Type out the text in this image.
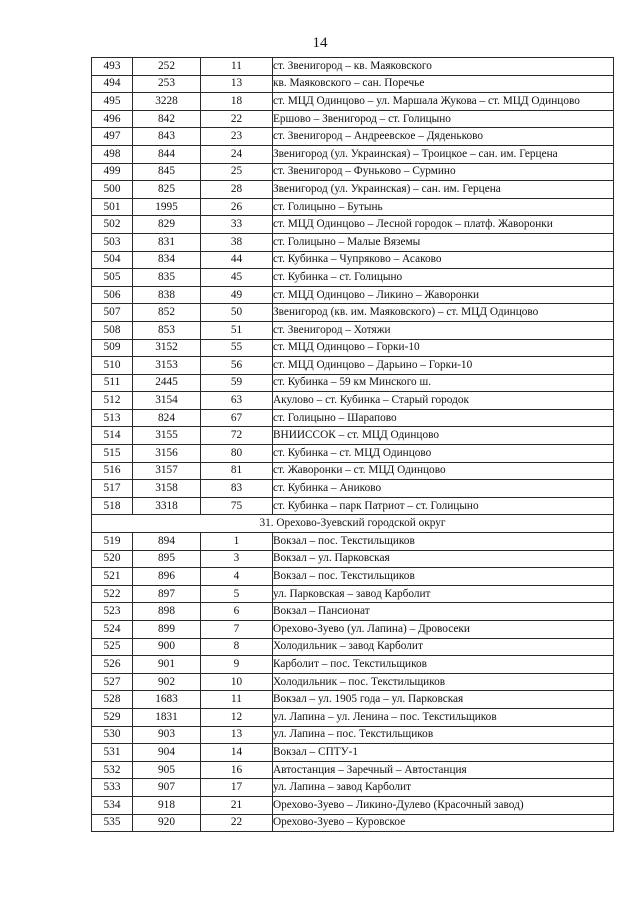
14
493	252	11	ст. Звенигород – кв. Маяковского
494	253	13	кв. Маяковского – сан. Поречье
495	3228	18	ст. МЦД Одинцово – ул. Маршала Жукова – ст. МЦД Одинцово
496	842	22	Ершово – Звенигород – ст. Голицыно
497	843	23	ст. Звенигород – Андреевское – Дяденьково
498	844	24	Звенигород (ул. Украинская) – Троицкое – сан. им. Герцена
499	845	25	ст. Звенигород – Фуньково – Сурмино
500	825	28	Звенигород (ул. Украинская) – сан. им. Герцена
501	1995	26	ст. Голицыно – Бутынь
502	829	33	ст. МЦД Одинцово – Лесной городок – платф. Жаворонки
503	831	38	ст. Голицыно – Малые Вяземы
504	834	44	ст. Кубинка – Чупряково – Асаково
505	835	45	ст. Кубинка – ст. Голицыно
506	838	49	ст. МЦД Одинцово – Ликино – Жаворонки
507	852	50	Звенигород (кв. им. Маяковского) – ст. МЦД Одинцово
508	853	51	ст. Звенигород – Хотяжи
509	3152	55	ст. МЦД Одинцово – Горки-10
510	3153	56	ст. МЦД Одинцово – Дарьино – Горки-10
511	2445	59	ст. Кубинка – 59 км Минского ш.
512	3154	63	Акулово – ст. Кубинка – Старый городок
513	824	67	ст. Голицыно – Шарапово
514	3155	72	ВНИИССОК – ст. МЦД Одинцово
515	3156	80	ст. Кубинка – ст. МЦД Одинцово
516	3157	81	ст. Жаворонки – ст. МЦД Одинцово
517	3158	83	ст. Кубинка – Аниково
518	3318	75	ст. Кубинка – парк Патриот – ст. Голицыно
31. Орехово-Зуевский городской округ			
519	894	1	Вокзал – пос. Текстильщиков
520	895	3	Вокзал – ул. Парковская
521	896	4	Вокзал – пос. Текстильщиков
522	897	5	ул. Парковская – завод Карболит
523	898	6	Вокзал – Пансионат
524	899	7	Орехово-Зуево (ул. Лапина) – Дровосеки
525	900	8	Холодильник – завод Карболит
526	901	9	Карболит – пос. Текстильщиков
527	902	10	Холодильник – пос. Текстильщиков
528	1683	11	Вокзал – ул. 1905 года – ул. Парковская
529	1831	12	ул. Лапина – ул. Ленина – пос. Текстильщиков
530	903	13	ул. Лапина – пос. Текстильщиков
531	904	14	Вокзал – СПТУ-1
532	905	16	Автостанция – Заречный – Автостанция
533	907	17	ул. Лапина – завод Карболит
534	918	21	Орехово-Зуево – Ликино-Дулево (Красочный завод)
535	920	22	Орехово-Зуево – Куровское
